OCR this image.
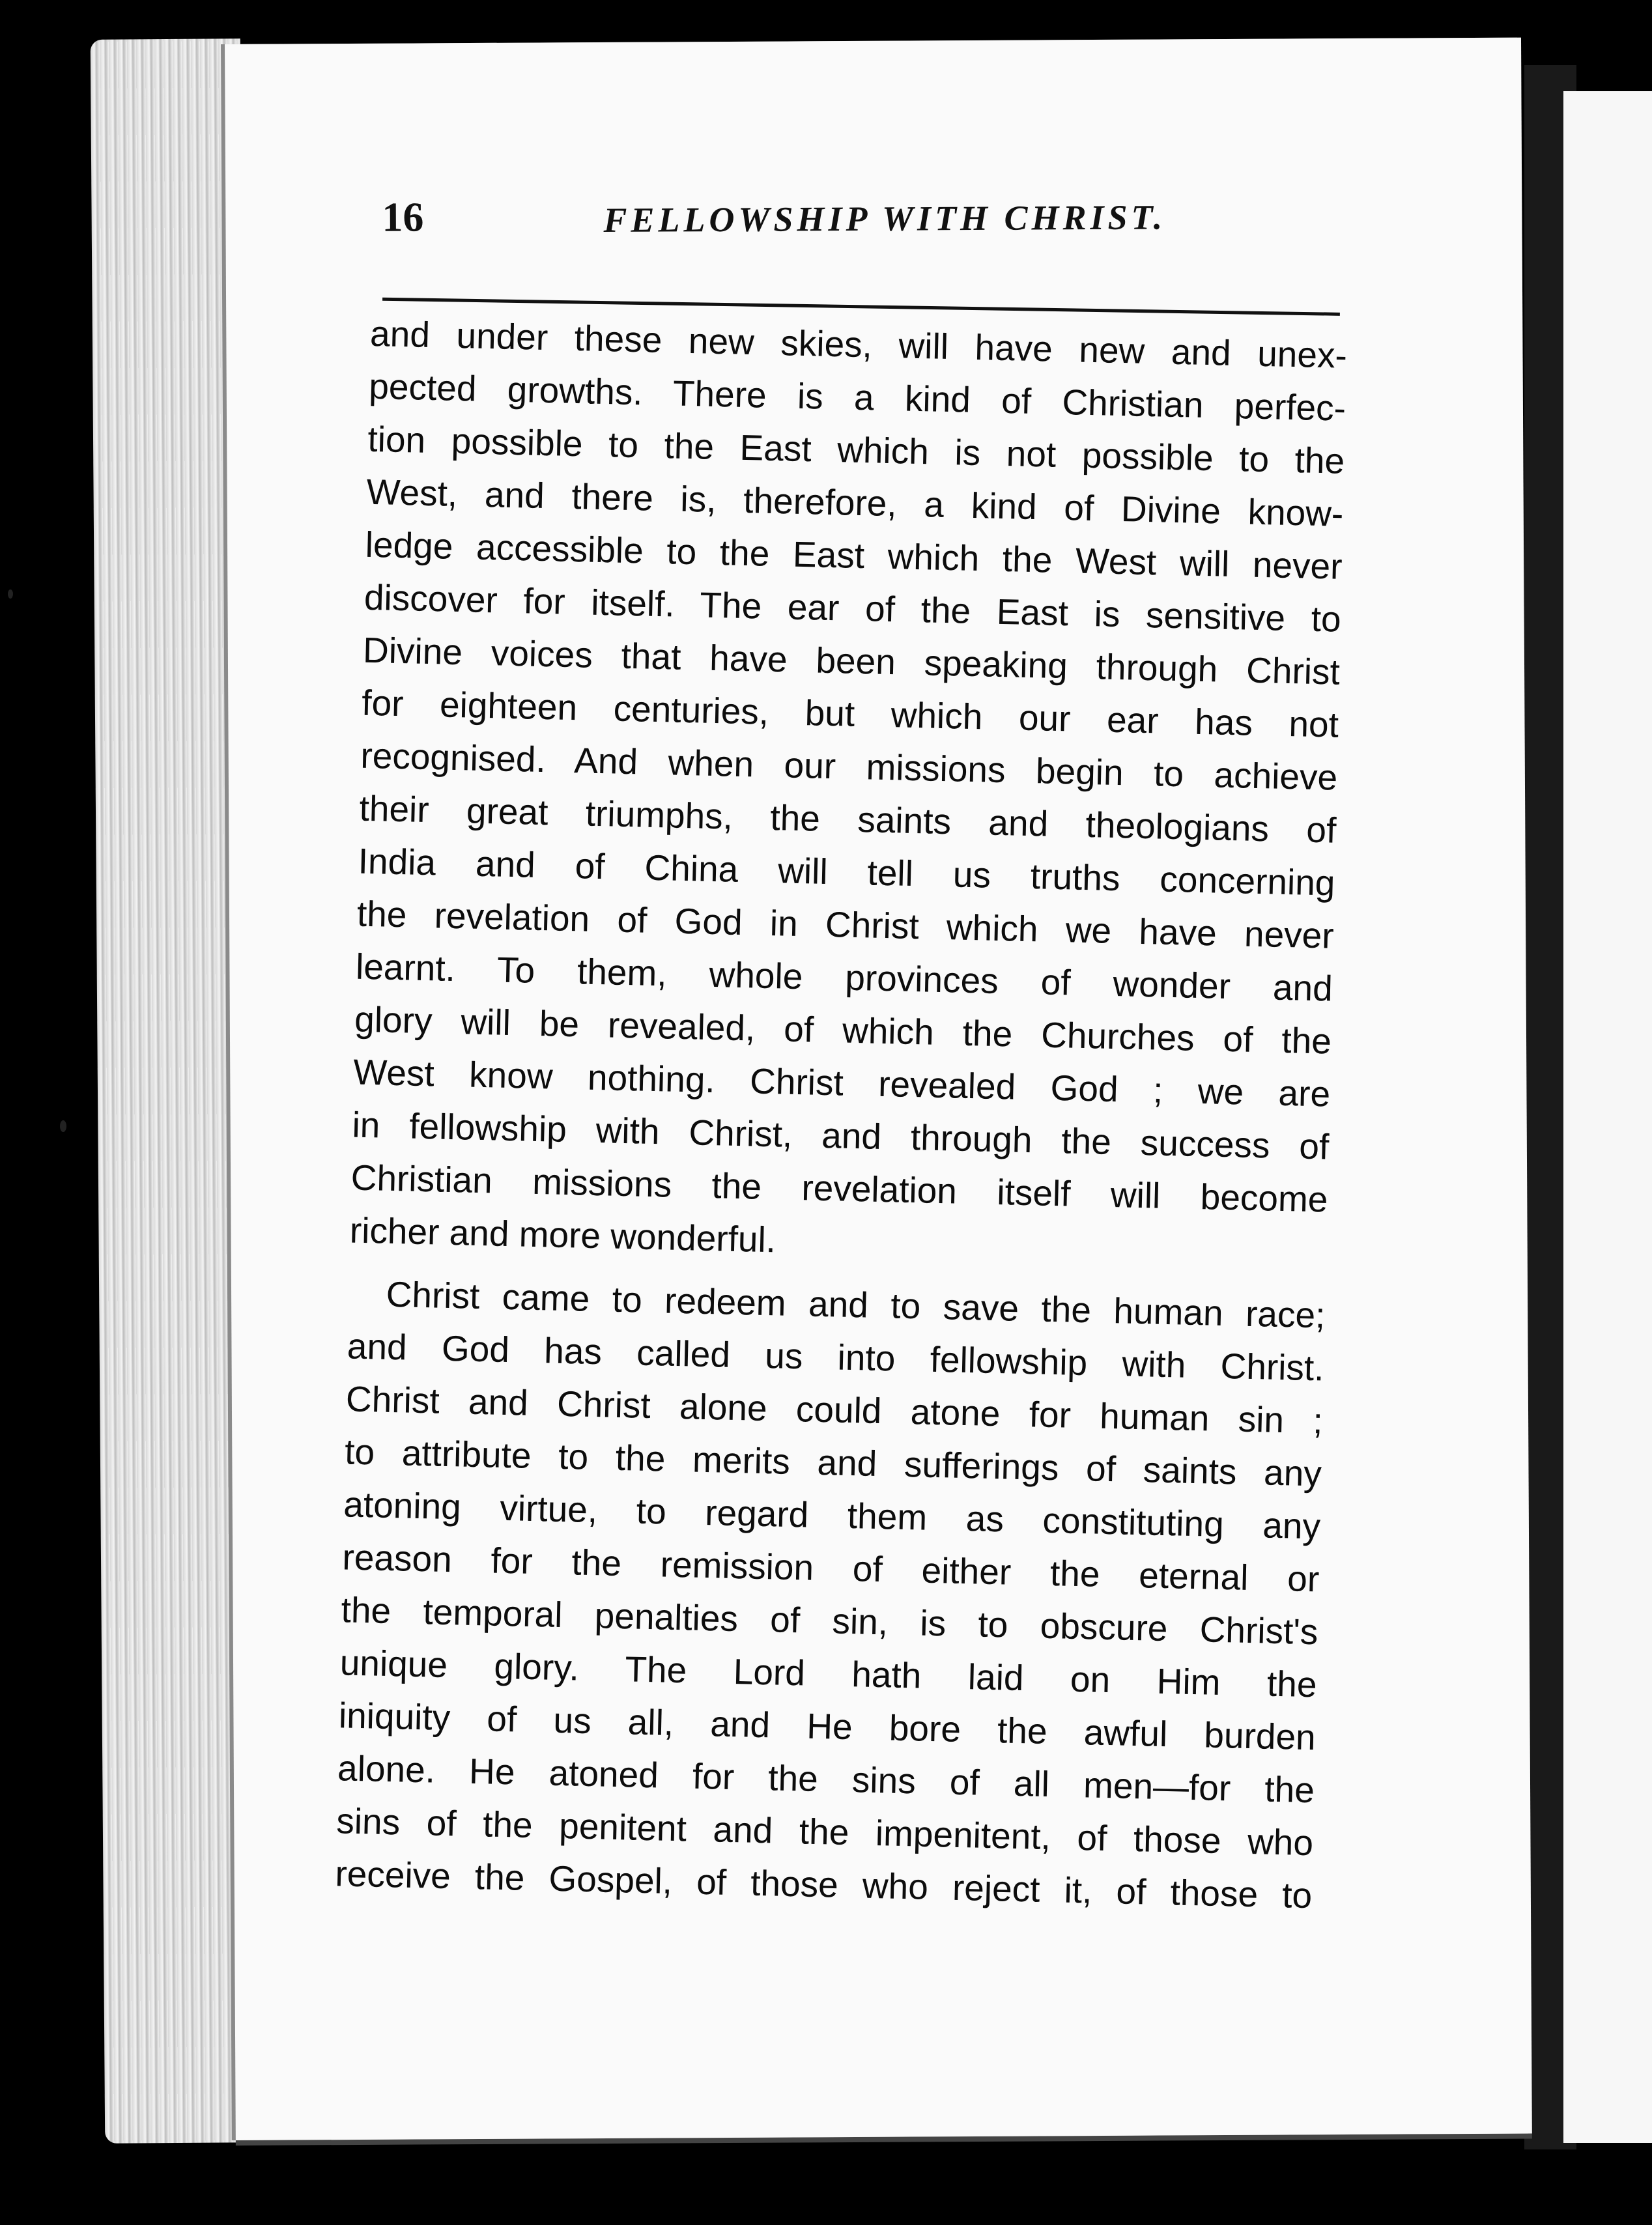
16	FELLOWSHIP WITH CHRIST.
and under these new skies, will have new and unex-
pected growths. There is a kind of Christian perfec-
tion possible to the East which is not possible to the
West, and there is, therefore, a kind of Divine know-
ledge accessible to the East which the West will never
discover for itself. The ear of the East is sensitive to
Divine voices that have been speaking through Christ
for eighteen centuries, but which our ear has not
recognised. And when our missions begin to achieve
their great triumphs, the saints and theologians of
India and of China will tell us truths concerning
the revelation of God in Christ which we have never
learnt. To them, whole provinces of wonder and
glory will be revealed, of which the Churches of the
West know nothing. Christ revealed God ; we are
in fellowship with Christ, and through the success of
Christian missions the revelation itself will become
richer and more wonderful.
Christ came to redeem and to save the human race;
and God has called us into fellowship with Christ.
Christ and Christ alone could atone for human sin ;
to attribute to the merits and sufferings of saints any
atoning virtue, to regard them as constituting any
reason for the remission of either the eternal or
the temporal penalties of sin, is to obscure Christ's
unique glory. The Lord hath laid on Him the
iniquity of us all, and He bore the awful burden
alone. He atoned for the sins of all men—for the
sins of the penitent and the impenitent, of those who
receive the Gospel, of those who reject it, of those to
